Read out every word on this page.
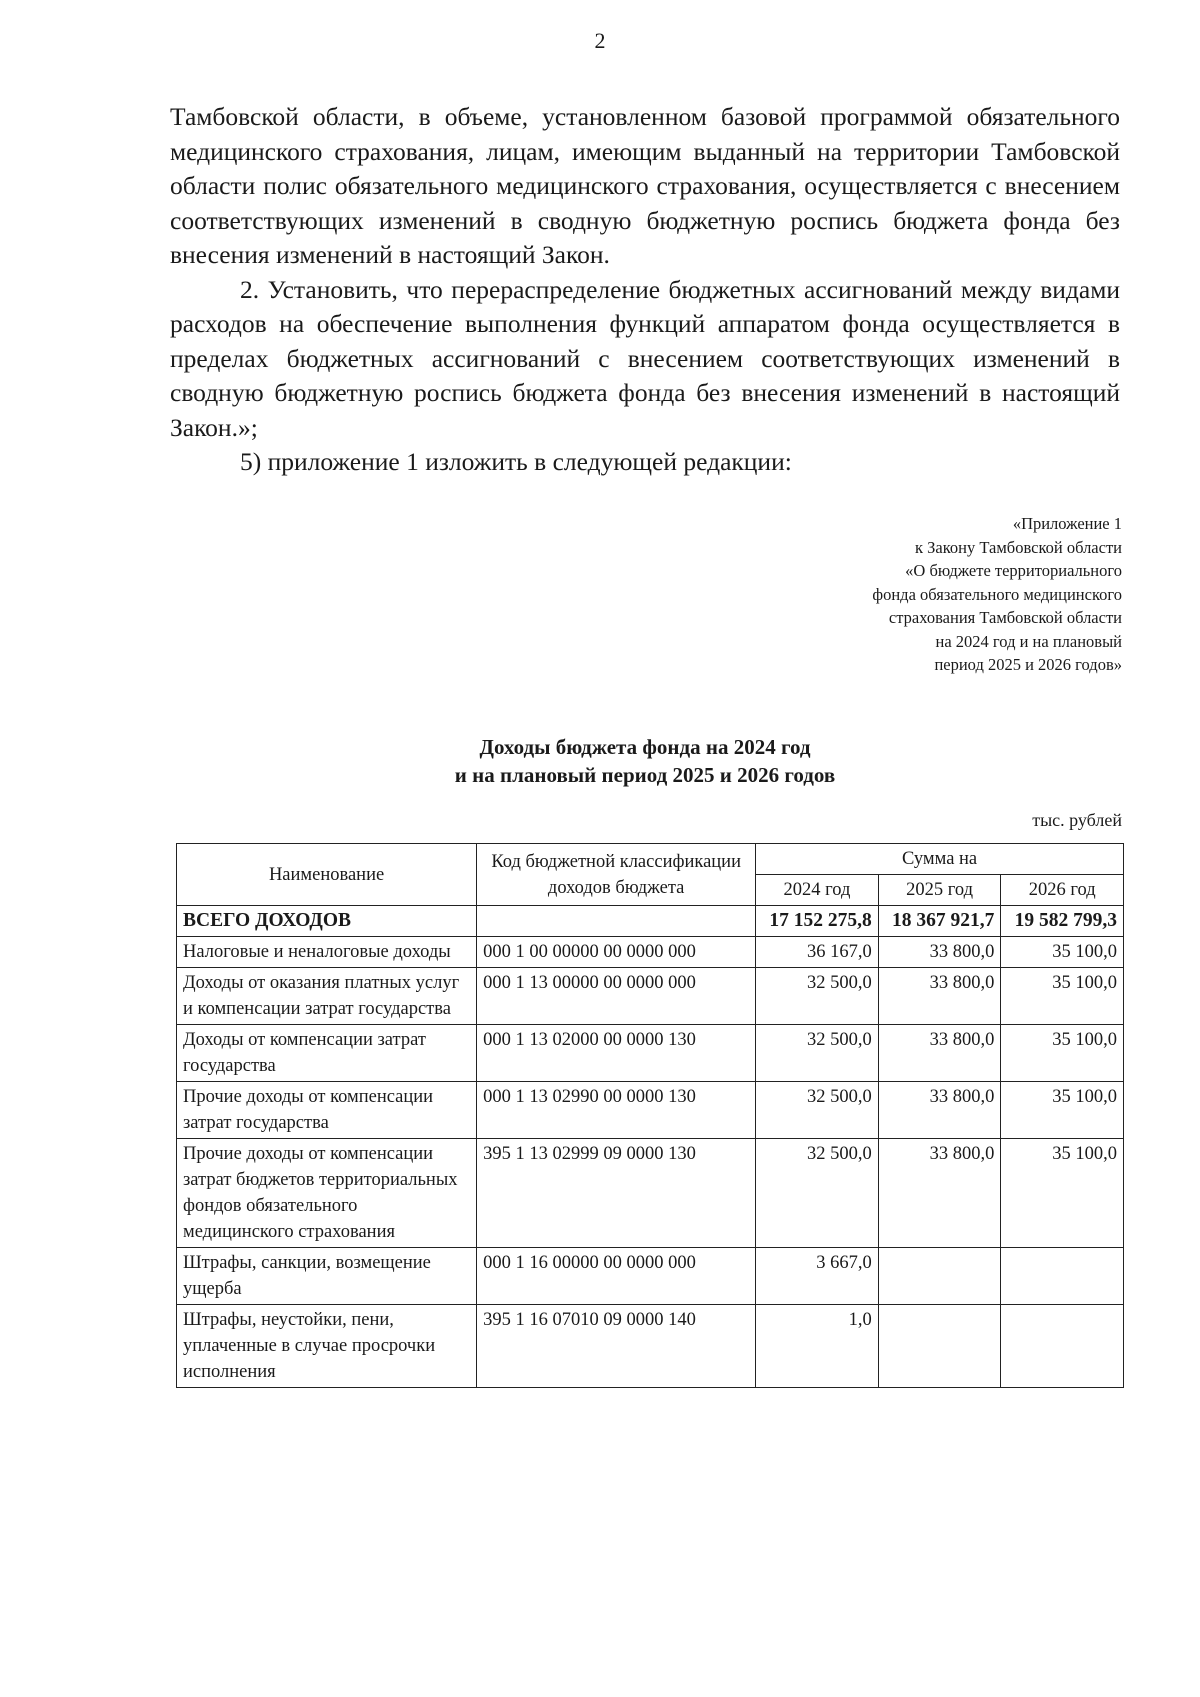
2

Тамбовской области, в объеме, установленном базовой программой обязательного медицинского страхования, лицам, имеющим выданный на территории Тамбовской области полис обязательного медицинского страхования, осуществляется с внесением соответствующих изменений в сводную бюджетную роспись бюджета фонда без внесения изменений в настоящий Закон.

2. Установить, что перераспределение бюджетных ассигнований между видами расходов на обеспечение выполнения функций аппаратом фонда осуществляется в пределах бюджетных ассигнований с внесением соответствующих изменений в сводную бюджетную роспись бюджета фонда без внесения изменений в настоящий Закон.»;

5) приложение 1 изложить в следующей редакции:

«Приложение 1
к Закону Тамбовской области
«О бюджете территориального
фонда обязательного медицинского
страхования Тамбовской области
на 2024 год и на плановый
период 2025 и 2026 годов»
Доходы бюджета фонда на 2024 год
и на плановый период 2025 и 2026 годов
тыс. рублей
Наименование	Код бюджетной классификации доходов бюджета	Сумма на		
		2024 год	2025 год	2026 год
ВСЕГО ДОХОДОВ		17 152 275,8	18 367 921,7	19 582 799,3
Налоговые и неналоговые доходы	000 1 00 00000 00 0000 000	36 167,0	33 800,0	35 100,0
Доходы от оказания платных услуг и компенсации затрат государства	000 1 13 00000 00 0000 000	32 500,0	33 800,0	35 100,0
Доходы от компенсации затрат государства	000 1 13 02000 00 0000 130	32 500,0	33 800,0	35 100,0
Прочие доходы от компенсации затрат государства	000 1 13 02990 00 0000 130	32 500,0	33 800,0	35 100,0
Прочие доходы от компенсации затрат бюджетов территориальных фондов обязательного медицинского страхования	395 1 13 02999 09 0000 130	32 500,0	33 800,0	35 100,0
Штрафы, санкции, возмещение ущерба	000 1 16 00000 00 0000 000	3 667,0		
Штрафы, неустойки, пени, уплаченные в случае просрочки исполнения	395 1 16 07010 09 0000 140	1,0		
